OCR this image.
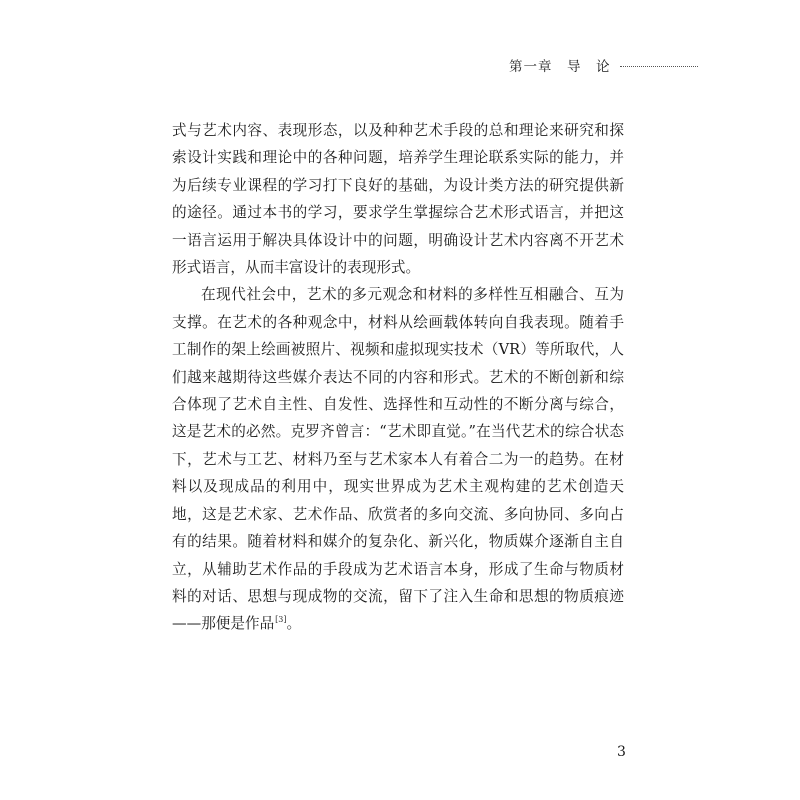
第一章　导　论

式与艺术内容、表现形态，以及种种艺术手段的总和理论来研究和探索设计实践和理论中的各种问题，培养学生理论联系实际的能力，并为后续专业课程的学习打下良好的基础，为设计类方法的研究提供新的途径。通过本书的学习，要求学生掌握综合艺术形式语言，并把这一语言运用于解决具体设计中的问题，明确设计艺术内容离不开艺术形式语言，从而丰富设计的表现形式。

在现代社会中，艺术的多元观念和材料的多样性互相融合、互为支撑。在艺术的各种观念中，材料从绘画载体转向自我表现。随着手工制作的架上绘画被照片、视频和虚拟现实技术（VR）等所取代，人们越来越期待这些媒介表达不同的内容和形式。艺术的不断创新和综合体现了艺术自主性、自发性、选择性和互动性的不断分离与综合，这是艺术的必然。克罗齐曾言：“艺术即直觉。”在当代艺术的综合状态下，艺术与工艺、材料乃至与艺术家本人有着合二为一的趋势。在材料以及现成品的利用中，现实世界成为艺术主观构建的艺术创造天地，这是艺术家、艺术作品、欣赏者的多向交流、多向协同、多向占有的结果。随着材料和媒介的复杂化、新兴化，物质媒介逐渐自主自立，从辅助艺术作品的手段成为艺术语言本身，形成了生命与物质材料的对话、思想与现成物的交流，留下了注入生命和思想的物质痕迹——那便是作品[3]。

3
